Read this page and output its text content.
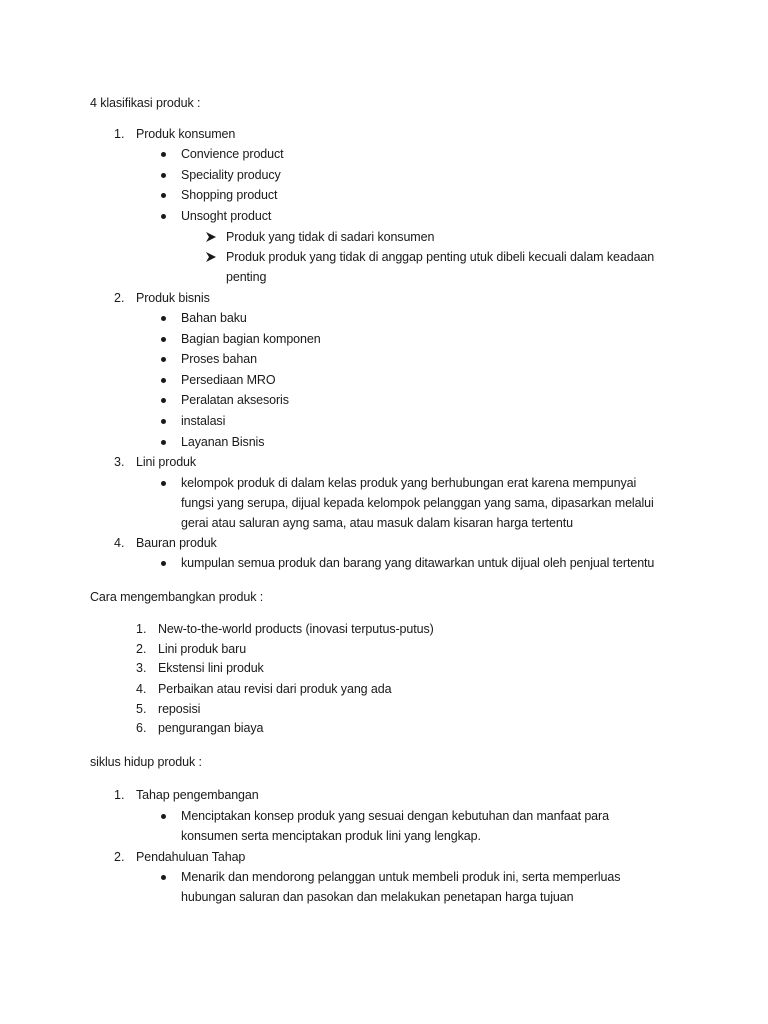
4 klasifikasi produk :
1. Produk konsumen
Convience product
Speciality producy
Shopping product
Unsoght product
Produk yang tidak di sadari konsumen
Produk produk yang tidak di anggap penting utuk dibeli kecuali dalam keadaan
penting
2. Produk bisnis
Bahan baku
Bagian bagian komponen
Proses bahan
Persediaan MRO
Peralatan aksesoris
instalasi
Layanan Bisnis
3. Lini produk
kelompok produk di dalam kelas produk yang berhubungan erat karena mempunyai
fungsi yang serupa, dijual kepada kelompok pelanggan yang sama, dipasarkan melalui
gerai atau saluran ayng sama, atau masuk dalam kisaran harga tertentu
4. Bauran produk
kumpulan semua produk dan barang yang ditawarkan untuk dijual oleh penjual tertentu
Cara mengembangkan produk :
1. New-to-the-world products (inovasi terputus-putus)
2. Lini produk baru
3. Ekstensi lini produk
4. Perbaikan atau revisi dari produk yang ada
5. reposisi
6. pengurangan biaya
siklus hidup produk :
1. Tahap pengembangan
Menciptakan konsep produk yang sesuai dengan kebutuhan dan manfaat para
konsumen serta menciptakan produk lini yang lengkap.
2. Pendahuluan Tahap
Menarik dan mendorong pelanggan untuk membeli produk ini, serta memperluas
hubungan saluran dan pasokan dan melakukan penetapan harga tujuan
